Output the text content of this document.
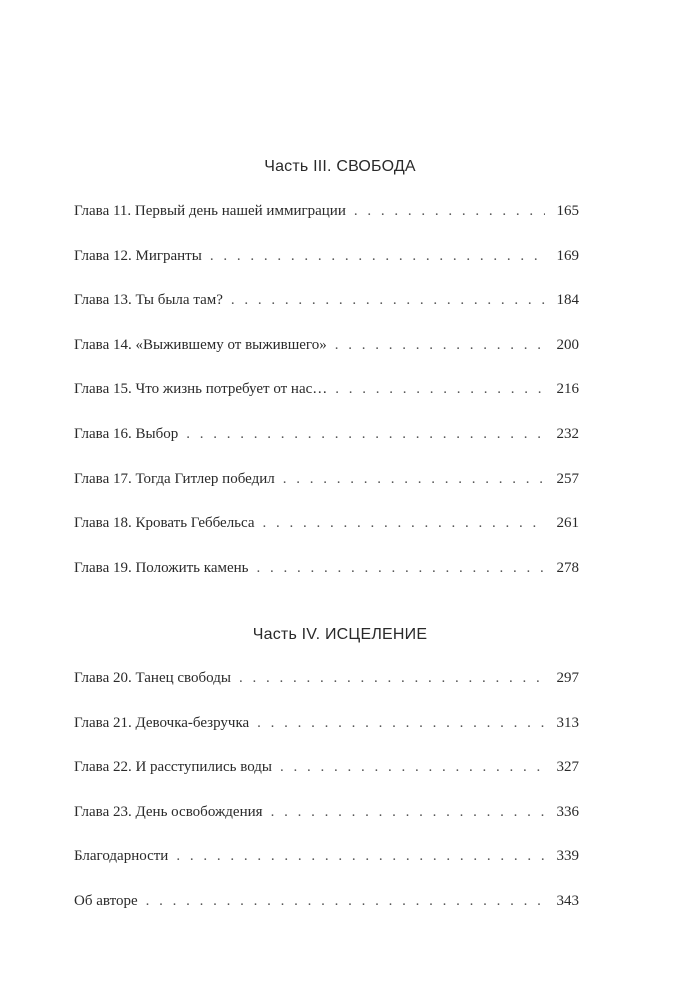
Часть III. СВОБОДА
Глава 11. Первый день нашей иммиграции . . .	165
Глава 12. Мигранты . . .	169
Глава 13. Ты была там? . . .	184
Глава 14. «Выжившему от выжившего» . . .	200
Глава 15. Что жизнь потребует от нас… . . .	216
Глава 16. Выбор . . .	232
Глава 17. Тогда Гитлер победил . . .	257
Глава 18. Кровать Геббельса . . .	261
Глава 19. Положить камень . . .	278
Часть IV. ИСЦЕЛЕНИЕ
Глава 20. Танец свободы . . .	297
Глава 21. Девочка-безручка . . .	313
Глава 22. И расступились воды . . .	327
Глава 23. День освобождения . . .	336
Благодарности . . .	339
Об авторе . . .	343
